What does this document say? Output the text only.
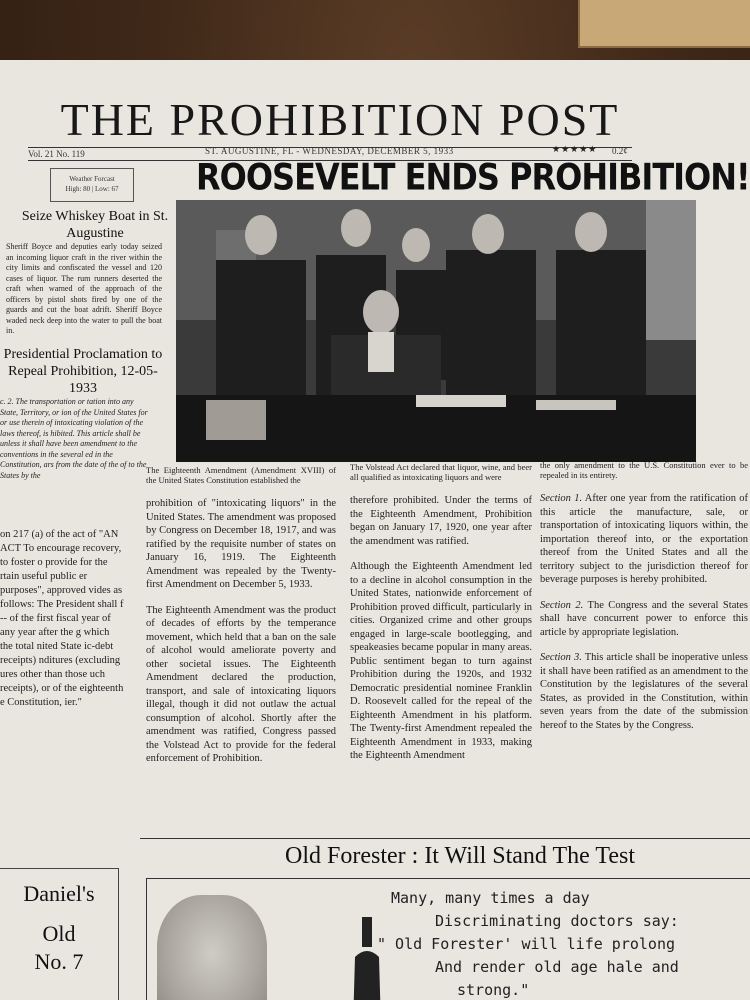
THE PROHIBITION POST
Vol. 21 No. 119	ST. AUGUSTINE, FL - WEDNESDAY, DECEMBER 5, 1933	★★★★★ 0.2¢
Weather Forcast
High: 80 | Low: 67
Seize Whiskey Boat in St. Augustine
Sheriff Boyce and deputies early today seized an incoming liquor craft in the river within the city limits and confiscated the vessel and 120 cases of liquor. The rum runners deserted the craft when warned of the approach of the officers by pistol shots fired by one of the guards and cut the boat adrift. Sheriff Boyce waded neck deep into the water to pull the boat in.
Presidential Proclamation to Repeal Prohibition, 12-05-1933
c. 2. The transportation or tation into any State, Territory, or ion of the United States for or use therein of intoxicating violation of the laws thereof, is hibited. This article shall be unless it shall have been amendment to the conventions in the several ed in the Constitution, ars from the date of the of to the States by the
on 217 (a) of the act of "AN ACT To encourage recovery, to foster o provide for the rtain useful public er purposes", approved vides as follows: The President shall f -- of the first fiscal year of any year after the g which the total nited State ic-debt receipts) nditures (excluding ures other than those uch receipts), or of the eighteenth e Constitution, ier."
Daniel's
Old
No. 7
ROOSEVELT ENDS PROHIBITION!

The Eighteenth Amendment (Amendment XVIII) of the United States Constitution established the

prohibition of "intoxicating liquors" in the United States. The amendment was proposed by Congress on December 18, 1917, and was ratified by the requisite number of states on January 16, 1919. The Eighteenth Amendment was repealed by the Twenty-first Amendment on December 5, 1933.

The Eighteenth Amendment was the product of decades of efforts by the temperance movement, which held that a ban on the sale of alcohol would ameliorate poverty and other societal issues. The Eighteenth Amendment declared the production, transport, and sale of intoxicating liquors illegal, though it did not outlaw the actual consumption of alcohol. Shortly after the amendment was ratified, Congress passed the Volstead Act to provide for the federal enforcement of Prohibition.

The Volstead Act declared that liquor, wine, and beer all qualified as intoxicating liquors and were

therefore prohibited. Under the terms of the Eighteenth Amendment, Prohibition began on January 17, 1920, one year after the amendment was ratified.

Although the Eighteenth Amendment led to a decline in alcohol consumption in the United States, nationwide enforcement of Prohibition proved difficult, particularly in cities. Organized crime and other groups engaged in large-scale bootlegging, and speakeasies became popular in many areas. Public sentiment began to turn against Prohibition during the 1920s, and 1932 Democratic presidential nominee Franklin D. Roosevelt called for the repeal of the Eighteenth Amendment in his platform. The Twenty-first Amendment repealed the Eighteenth Amendment in 1933, making the Eighteenth Amendment

the only amendment to the U.S. Constitution ever to be repealed in its entirety.

Section 1. After one year from the ratification of this article the manufacture, sale, or transportation of intoxicating liquors within, the importation thereof into, or the exportation thereof from the United States and all the territory subject to the jurisdiction thereof for beverage purposes is hereby prohibited.

Section 2. The Congress and the several States shall have concurrent power to enforce this article by appropriate legislation.

Section 3. This article shall be inoperative unless it shall have been ratified as an amendment to the Constitution by the legislatures of the several States, as provided in the Constitution, within seven years from the date of the submission hereof to the States by the Congress.

Old Forester : It Will Stand The Test
Many, many times a day
Discriminating doctors say:
" Old Forester' will life prolong
And render old age hale and
strong."
